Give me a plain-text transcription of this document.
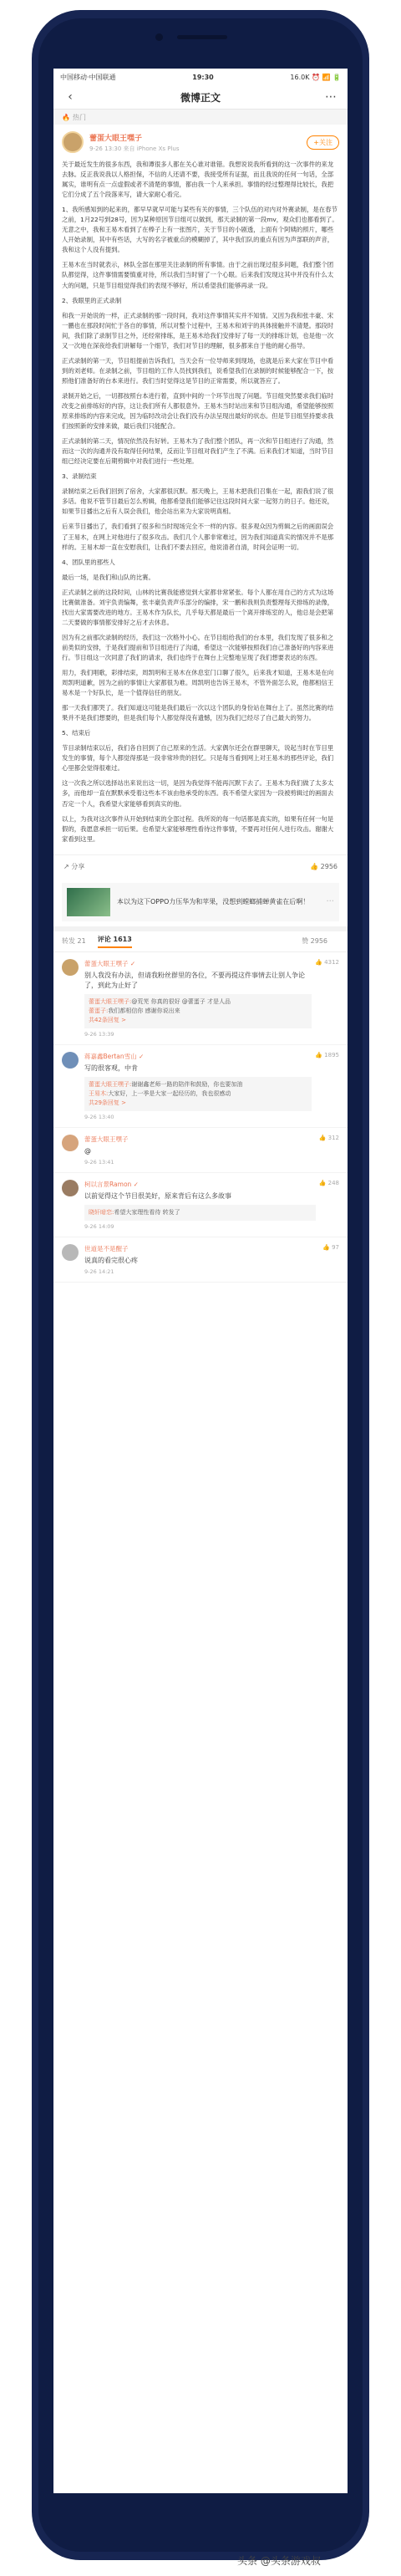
中国移动·中国联通	19:30	16.0K ⏰ 📶 🔋
‹	微博正文	⋯
🔥 热门
蕾蛋大眼王嘿子
9-26 13:30 来自 iPhone Xs Plus
+关注

关于最近发生的很多东西，我和谭很多人都在关心谁对谁错。我想说说我所看到的这一次事件的来龙去脉。反正我说我以人格担保，不信的人还请不要，我接受所有证据，而且我说的任何一句话，全部属实，谁明有点一点虚假或者不清楚的事情，都由我一个人来承担。事情的经过整理得比较长，我把它们分成了五个段落来写，请大家耐心看完。

1、我所感知到的起来的，都早早就早可能与某些有关的事情，三个队伍的对内对外赛录制，是在春节之前，1月22号到28号，因为某种原因节目组可以做到，那天录制的第一段mv，观众们也都看到了。无意之中，我和王易木看到了在棒子上有一张图片，关于节目的小剧透，上面有个阿姨的照片，哪些人开始录制，其中有些话，大写的名字被重点的模糊掉了，其中我们队的重点有因为声部联的声音，我和这个人没有提到。

王易木在当时就表示，林队全部在那里关注录制的所有事情。由于之前出现过很多问题，我们整个团队都觉得，这件事情需要慎重对待，所以我们当时留了一个心眼。后来我们发现这其中并没有什么太大的问题，只是节目组觉得我们的表现不够好，所以希望我们能够再录一段。

2、我眼里的正式录制

和我一开始说的一样，正式录制的那一段时间，我对这件事情其实并不知情。又因为我和张丰豪、宋一鹏也在那段时间忙于各自的事情，所以对整个过程中，王易木和刘宇的具体接触并不清楚。那段时间，我们除了录制节目之外，还经常排练，是王易木给我们安排好了每一天的排练计划，也是他一次又一次地在深夜给我们讲解每一个细节，我们对节目的理解，很多都来自于他的耐心指导。

正式录制的第一天，节目组提前告诉我们，当天会有一位导师来到现场，也就是后来大家在节目中看到的刘老师。在录制之前，节目组的工作人员找到我们，说希望我们在录制的时候能够配合一下，按照他们准备好的台本来进行。我们当时觉得这是节目的正常需要，所以就答应了。

录制开始之后，一切都按照台本进行着，直到中间的一个环节出现了问题。节目组突然要求我们临时改变之前排练好的内容，这让我们所有人都很意外。王易木当时站出来和节目组沟通，希望能够按照原来排练的内容来完成，因为临时改动会让我们没有办法呈现出最好的状态。但是节目组坚持要求我们按照新的安排来做，最后我们只能配合。

正式录制的第二天，情况依然没有好转。王易木为了我们整个团队，再一次和节目组进行了沟通，然而这一次的沟通并没有取得任何结果，反而让节目组对我们产生了不满。后来我们才知道，当时节目组已经决定要在后期剪辑中对我们进行一些处理。

3、录制结束

录制结束之后我们回到了宿舍，大家都很沉默。那天晚上，王易木把我们召集在一起，跟我们说了很多话。他说不管节目最后怎么剪辑，他都希望我们能够记住这段时间大家一起努力的日子。他还说，如果节目播出之后有人误会我们，他会站出来为大家说明真相。

后来节目播出了，我们看到了很多和当时现场完全不一样的内容。很多观众因为剪辑之后的画面误会了王易木，在网上对他进行了很多攻击。我们几个人都非常难过，因为我们知道真实的情况并不是那样的。王易木却一直在安慰我们，让我们不要去回应，他说清者自清，时间会证明一切。

4、团队里的那些人

最后一场，是我们和山队的比赛。

正式录制之前的这段时间，山林的比赛我能感觉到大家都非常紧张。每个人都在用自己的方式为这场比赛做准备。刘宇负责编舞，张丰豪负责声乐部分的编排，宋一鹏和我则负责整理每天排练的录像，找出大家需要改进的地方。王易木作为队长，几乎每天都是最后一个离开排练室的人，他总是会把第二天要做的事情都安排好之后才去休息。

因为有之前那次录制的经历，我们这一次格外小心。在节目组给我们的台本里，我们发现了很多和之前类似的安排，于是我们提前和节目组进行了沟通，希望这一次能够按照我们自己准备好的内容来进行。节目组这一次同意了我们的请求，我们也终于在舞台上完整地呈现了我们想要表达的东西。

用力，我们唱歌，彩排结束，周凯明和王易木在休息室门口聊了很久，后来我才知道，王易木是在向周凯明道歉，因为之前的事情让大家都很为难。周凯明也告诉王易木，不管外面怎么说，他都相信王易木是一个好队长，是一个值得信任的朋友。

那一天我们都哭了。我们知道这可能是我们最后一次以这个团队的身份站在舞台上了。虽然比赛的结果并不是我们想要的，但是我们每个人都觉得没有遗憾，因为我们已经尽了自己最大的努力。

5、结束后

节目录制结束以后，我们各自回到了自己原来的生活。大家偶尔还会在群里聊天，说起当时在节目里发生的事情，每个人都觉得那是一段非常珍贵的回忆。只是每当看到网上对王易木的那些评论，我们心里都会觉得很难过。

这一次我之所以选择站出来说出这一切，是因为我觉得不能再沉默下去了。王易木为我们做了太多太多，而他却一直在默默承受着这些本不该由他承受的东西。我不希望大家因为一段被剪辑过的画面去否定一个人，我希望大家能够看到真实的他。

以上，为我对这次事件从开始到结束的全部过程。我所说的每一句话都是真实的，如果有任何一句是假的，我愿意承担一切后果。也希望大家能够理性看待这件事情，不要再对任何人进行攻击。谢谢大家看到这里。

↗ 分享	👍 2956
本以为这下OPPO力压华为和苹果，没想到螳螂捕蝉黄雀在后啊！	···
转发 21 评论 1613	赞 2956
蕾蛋大眼王嘿子 ✓
别人我没有办法，但请我粉丝群里的各位，不要再提这件事情去让别人争论了，到此为止好了
蕾蛋大眼王嘿子:@荒芜 你真的很好 @蕾蛋子 才是人品
蕾蛋子:我们都相信你 感谢你说出来
共42条回复 >
9-26 13:39
👍 4312
蒋嘉鑫Bertan雪山 ✓
写的很客观，中肯
蕾蛋大眼王嘿子:谢谢鑫老师一路的陪伴和鼓励，你也要加油
王易木:大家好，上一季是大家一起经历的，我也很感动
共29条回复 >
9-26 13:40
👍 1895
蕾蛋大眼王嘿子
@
9-26 13:41
👍 312
柯以言景Ramon ✓
以前觉得这个节目很美好，原来背后有这么多故事
晓轩暗恋:希望大家理性看待 转发了
9-26 14:09
👍 248
世道是不是醒子
说真的看完很心疼
9-26 14:21
👍 97
头条 @头条游戏叔
